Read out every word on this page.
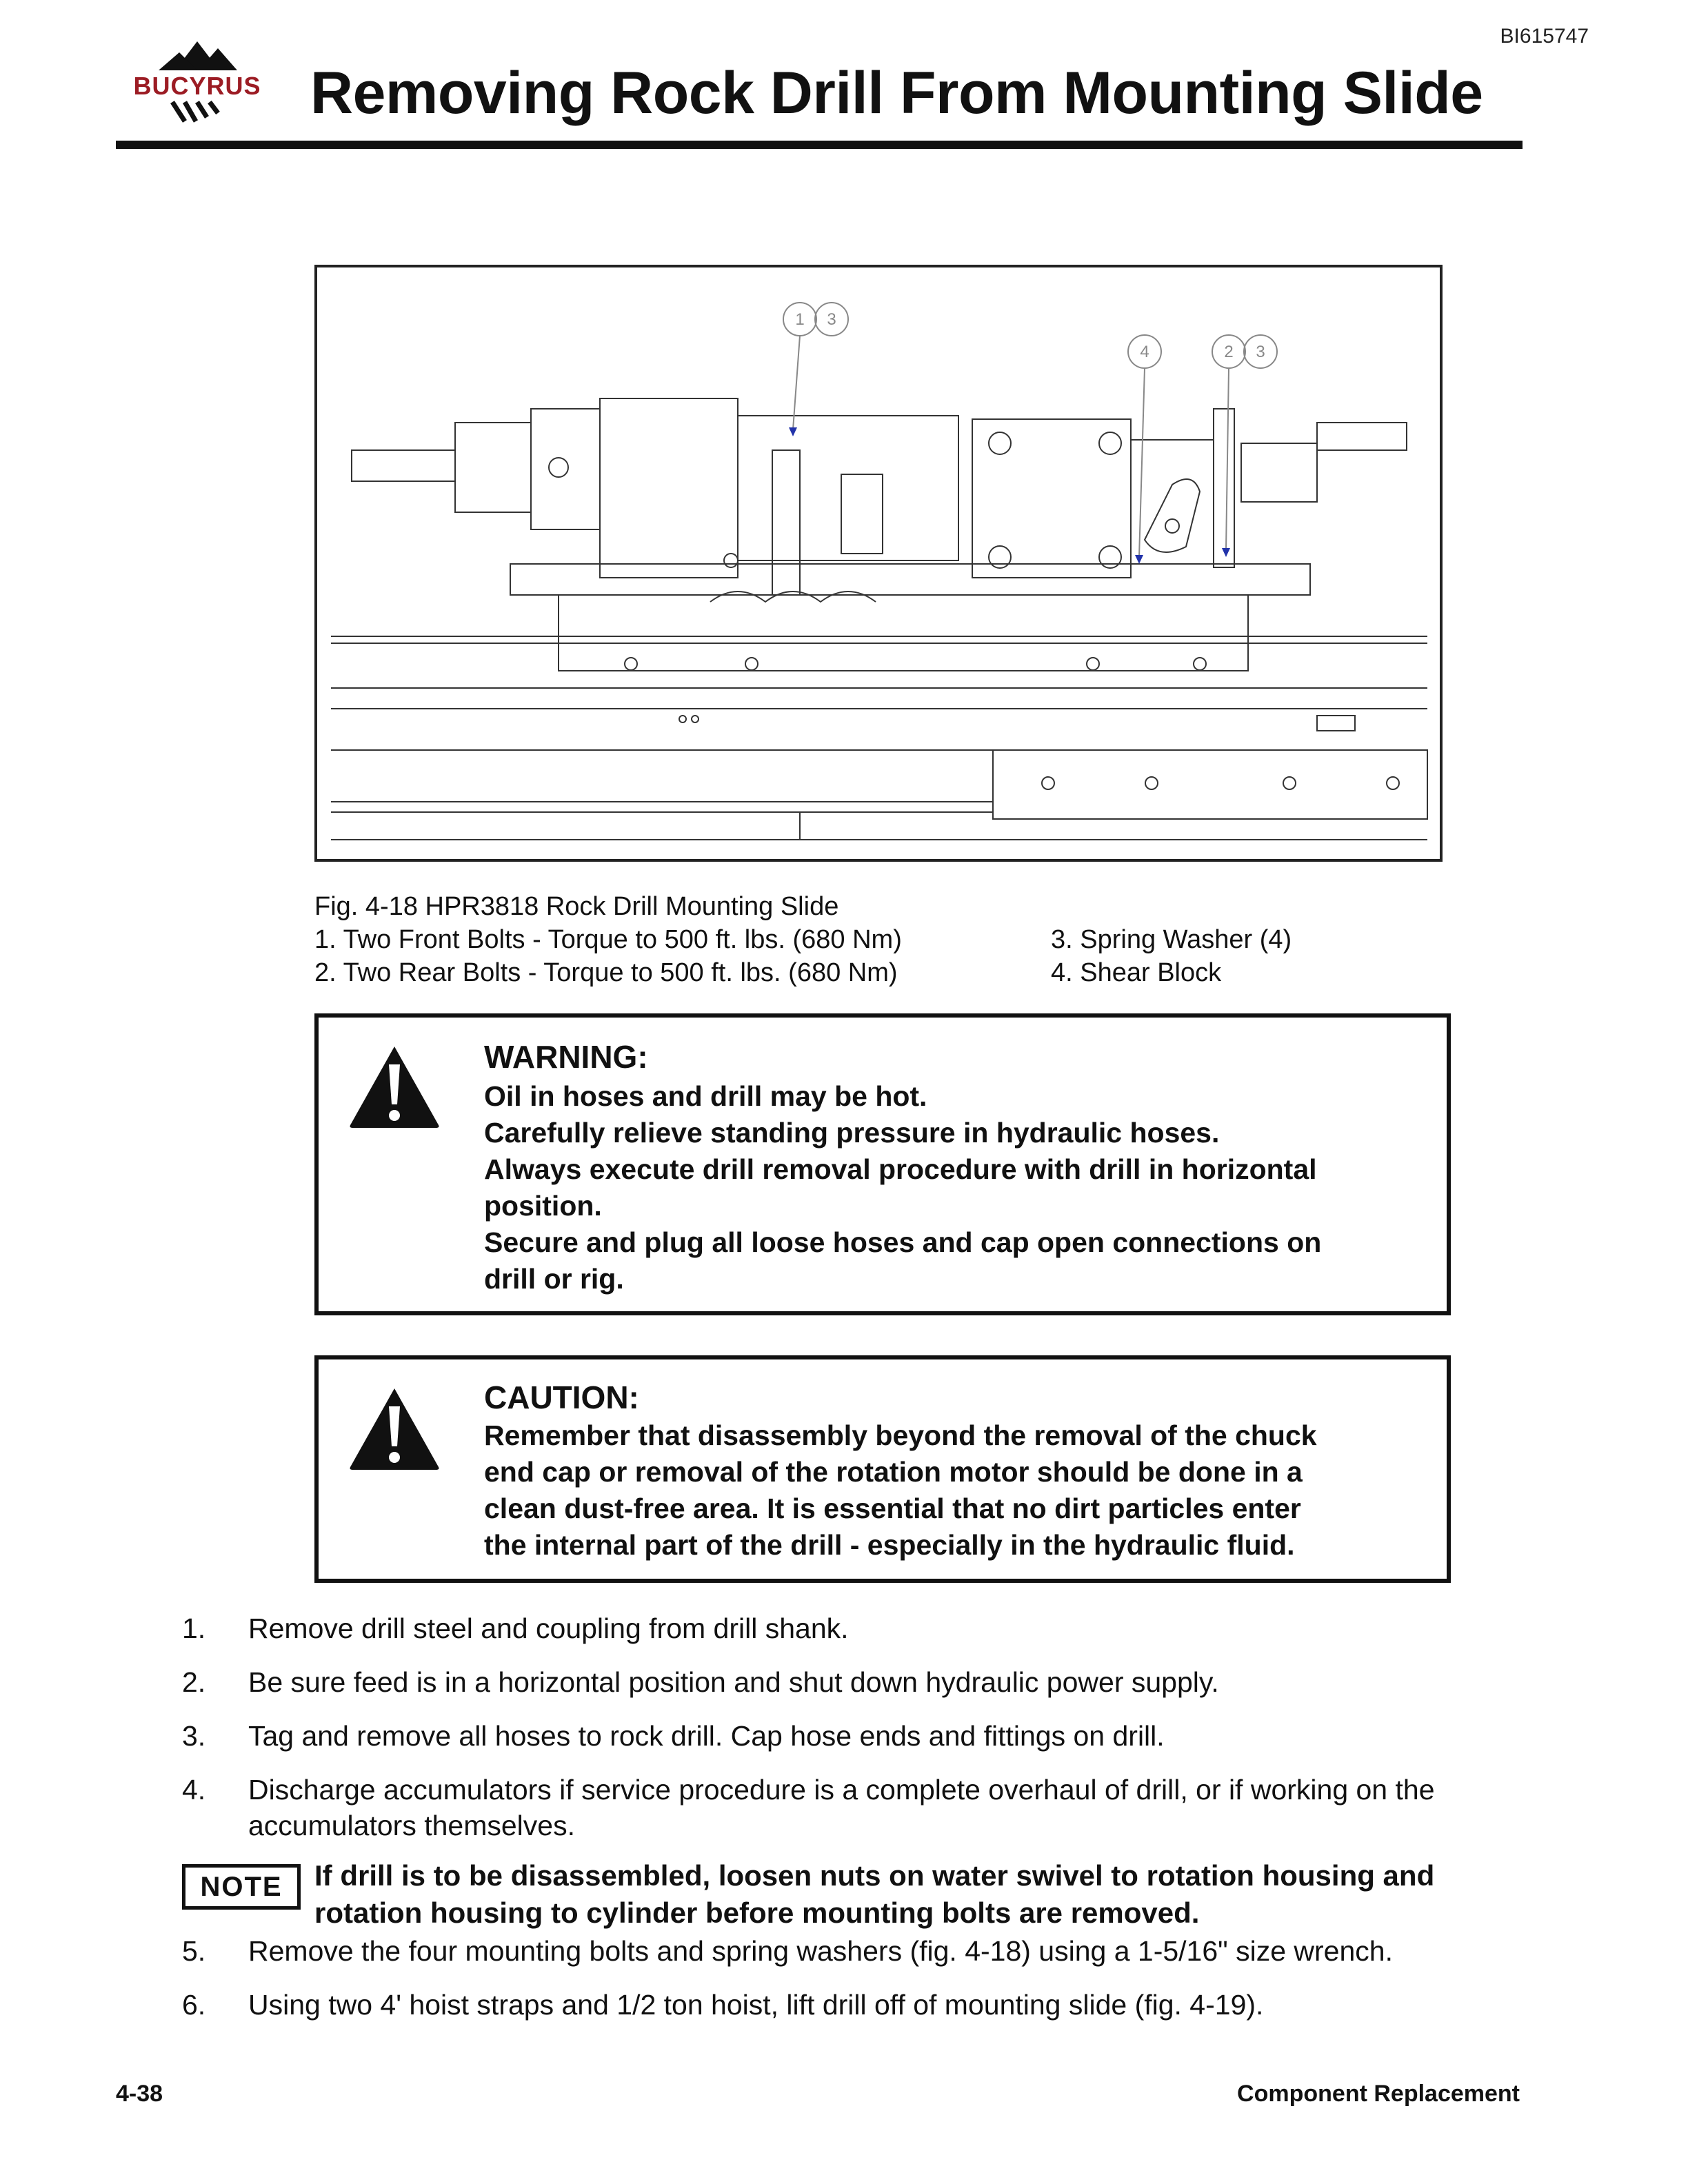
BI615747
BUCYRUS Removing Rock Drill From Mounting Slide
1 3
4	2 3
Fig. 4-18 HPR3818 Rock Drill Mounting Slide
1. Two Front Bolts - Torque to 500 ft. lbs. (680 Nm)
2. Two Rear Bolts - Torque to 500 ft. lbs. (680 Nm)
3. Spring Washer (4)
4. Shear Block
WARNING:
Oil in hoses and drill may be hot.
Carefully relieve standing pressure in hydraulic hoses.
Always execute drill removal procedure with drill in horizontal
position.
Secure and plug all loose hoses and cap open connections on
drill or rig.
CAUTION:
Remember that disassembly beyond the removal of the chuck
end cap or removal of the rotation motor should be done in a
clean dust-free area. It is essential that no dirt particles enter
the internal part of the drill - especially in the hydraulic fluid.
1.	Remove drill steel and coupling from drill shank.
2.	Be sure feed is in a horizontal position and shut down hydraulic power supply.
3.	Tag and remove all hoses to rock drill. Cap hose ends and fittings on drill.
4.	Discharge accumulators if service procedure is a complete overhaul of drill, or if working on the
accumulators themselves.
5.	Remove the four mounting bolts and spring washers (fig. 4-18) using a 1-5/16" size wrench.
6.	Using two 4' hoist straps and 1/2 ton hoist, lift drill off of mounting slide (fig. 4-19).
NOTE	If drill is to be disassembled, loosen nuts on water swivel to rotation housing and
rotation housing to cylinder before mounting bolts are removed.
4-38	Component Replacement
